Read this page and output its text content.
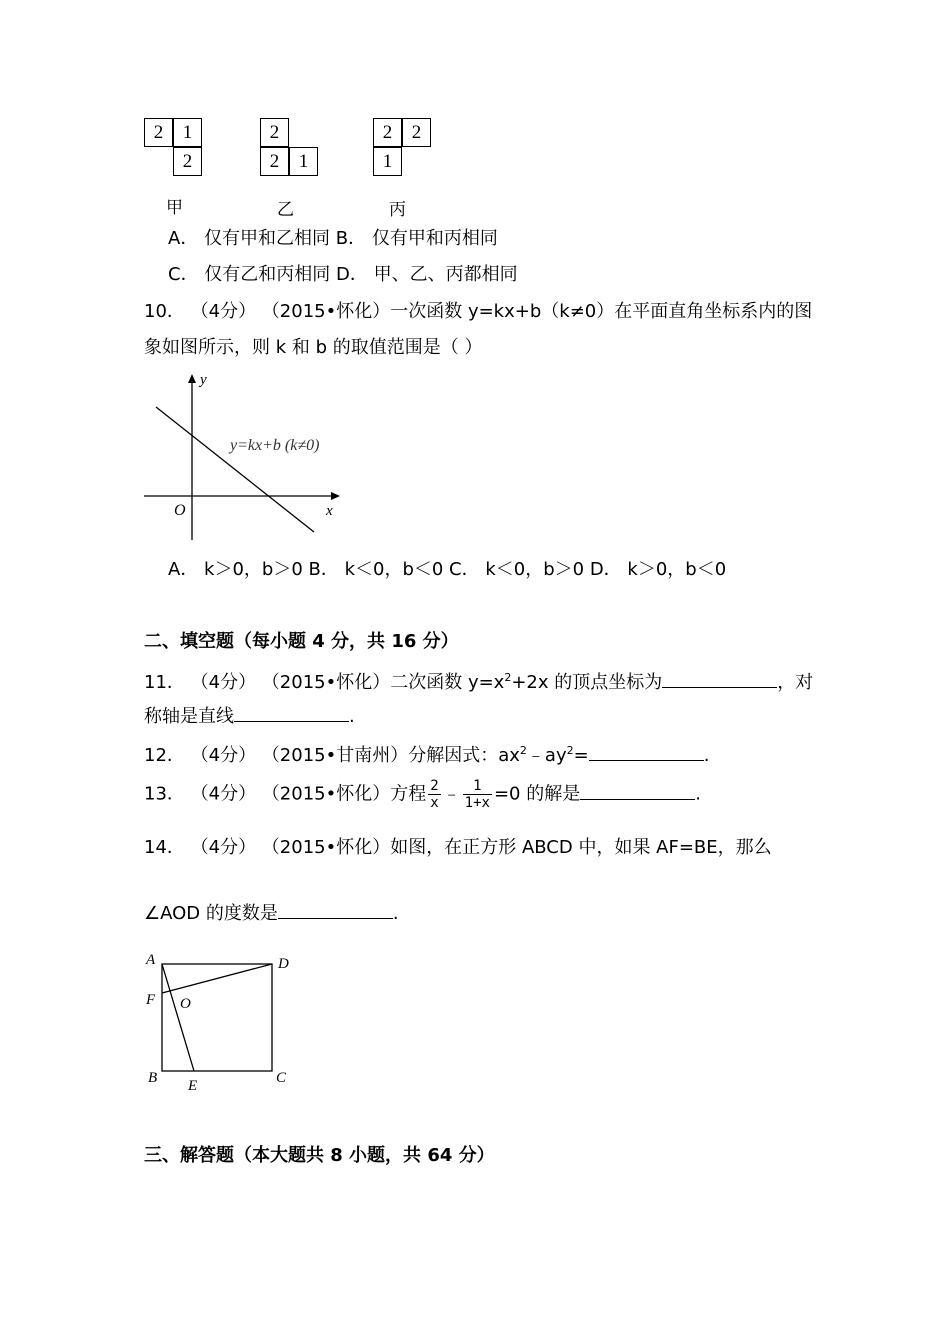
2	1
2
甲
2
2	1
乙
2	2
1
丙
A． 仅有甲和乙相同 B． 仅有甲和丙相同
C． 仅有乙和丙相同 D． 甲、乙、丙都相同
10． （4分） （2015•怀化）一次函数 y=kx+b（k≠0）在平面直角坐标系内的图
象如图所示，则 k 和 b 的取值范围是（ ）
y
x
O
y=kx+b (k≠0)
A． k＞0，b＞0 B． k＜0，b＜0 C． k＜0，b＞0 D． k＞0，b＜0
二、填空题（每小题 4 分，共 16 分）
11． （4分） （2015•怀化）二次函数 $y=x^2+2x$ 的顶点坐标为	，对
称轴是直线	.
12． （4分） （2015•甘南州）分解因式：$ax^2﹣ay^2=$	.
13． （4分） （2015•怀化）方程 $\frac{2}{x}$ ﹣ $\frac{1}{1+x} =0$ 的解是	.
14． （4分） （2015•怀化）如图，在正方形 ABCD 中，如果 AF=BE，那么
∠AOD 的度数是	.
A	D
F O
B E	C
三、解答题（本大题共 8 小题，共 64 分）
